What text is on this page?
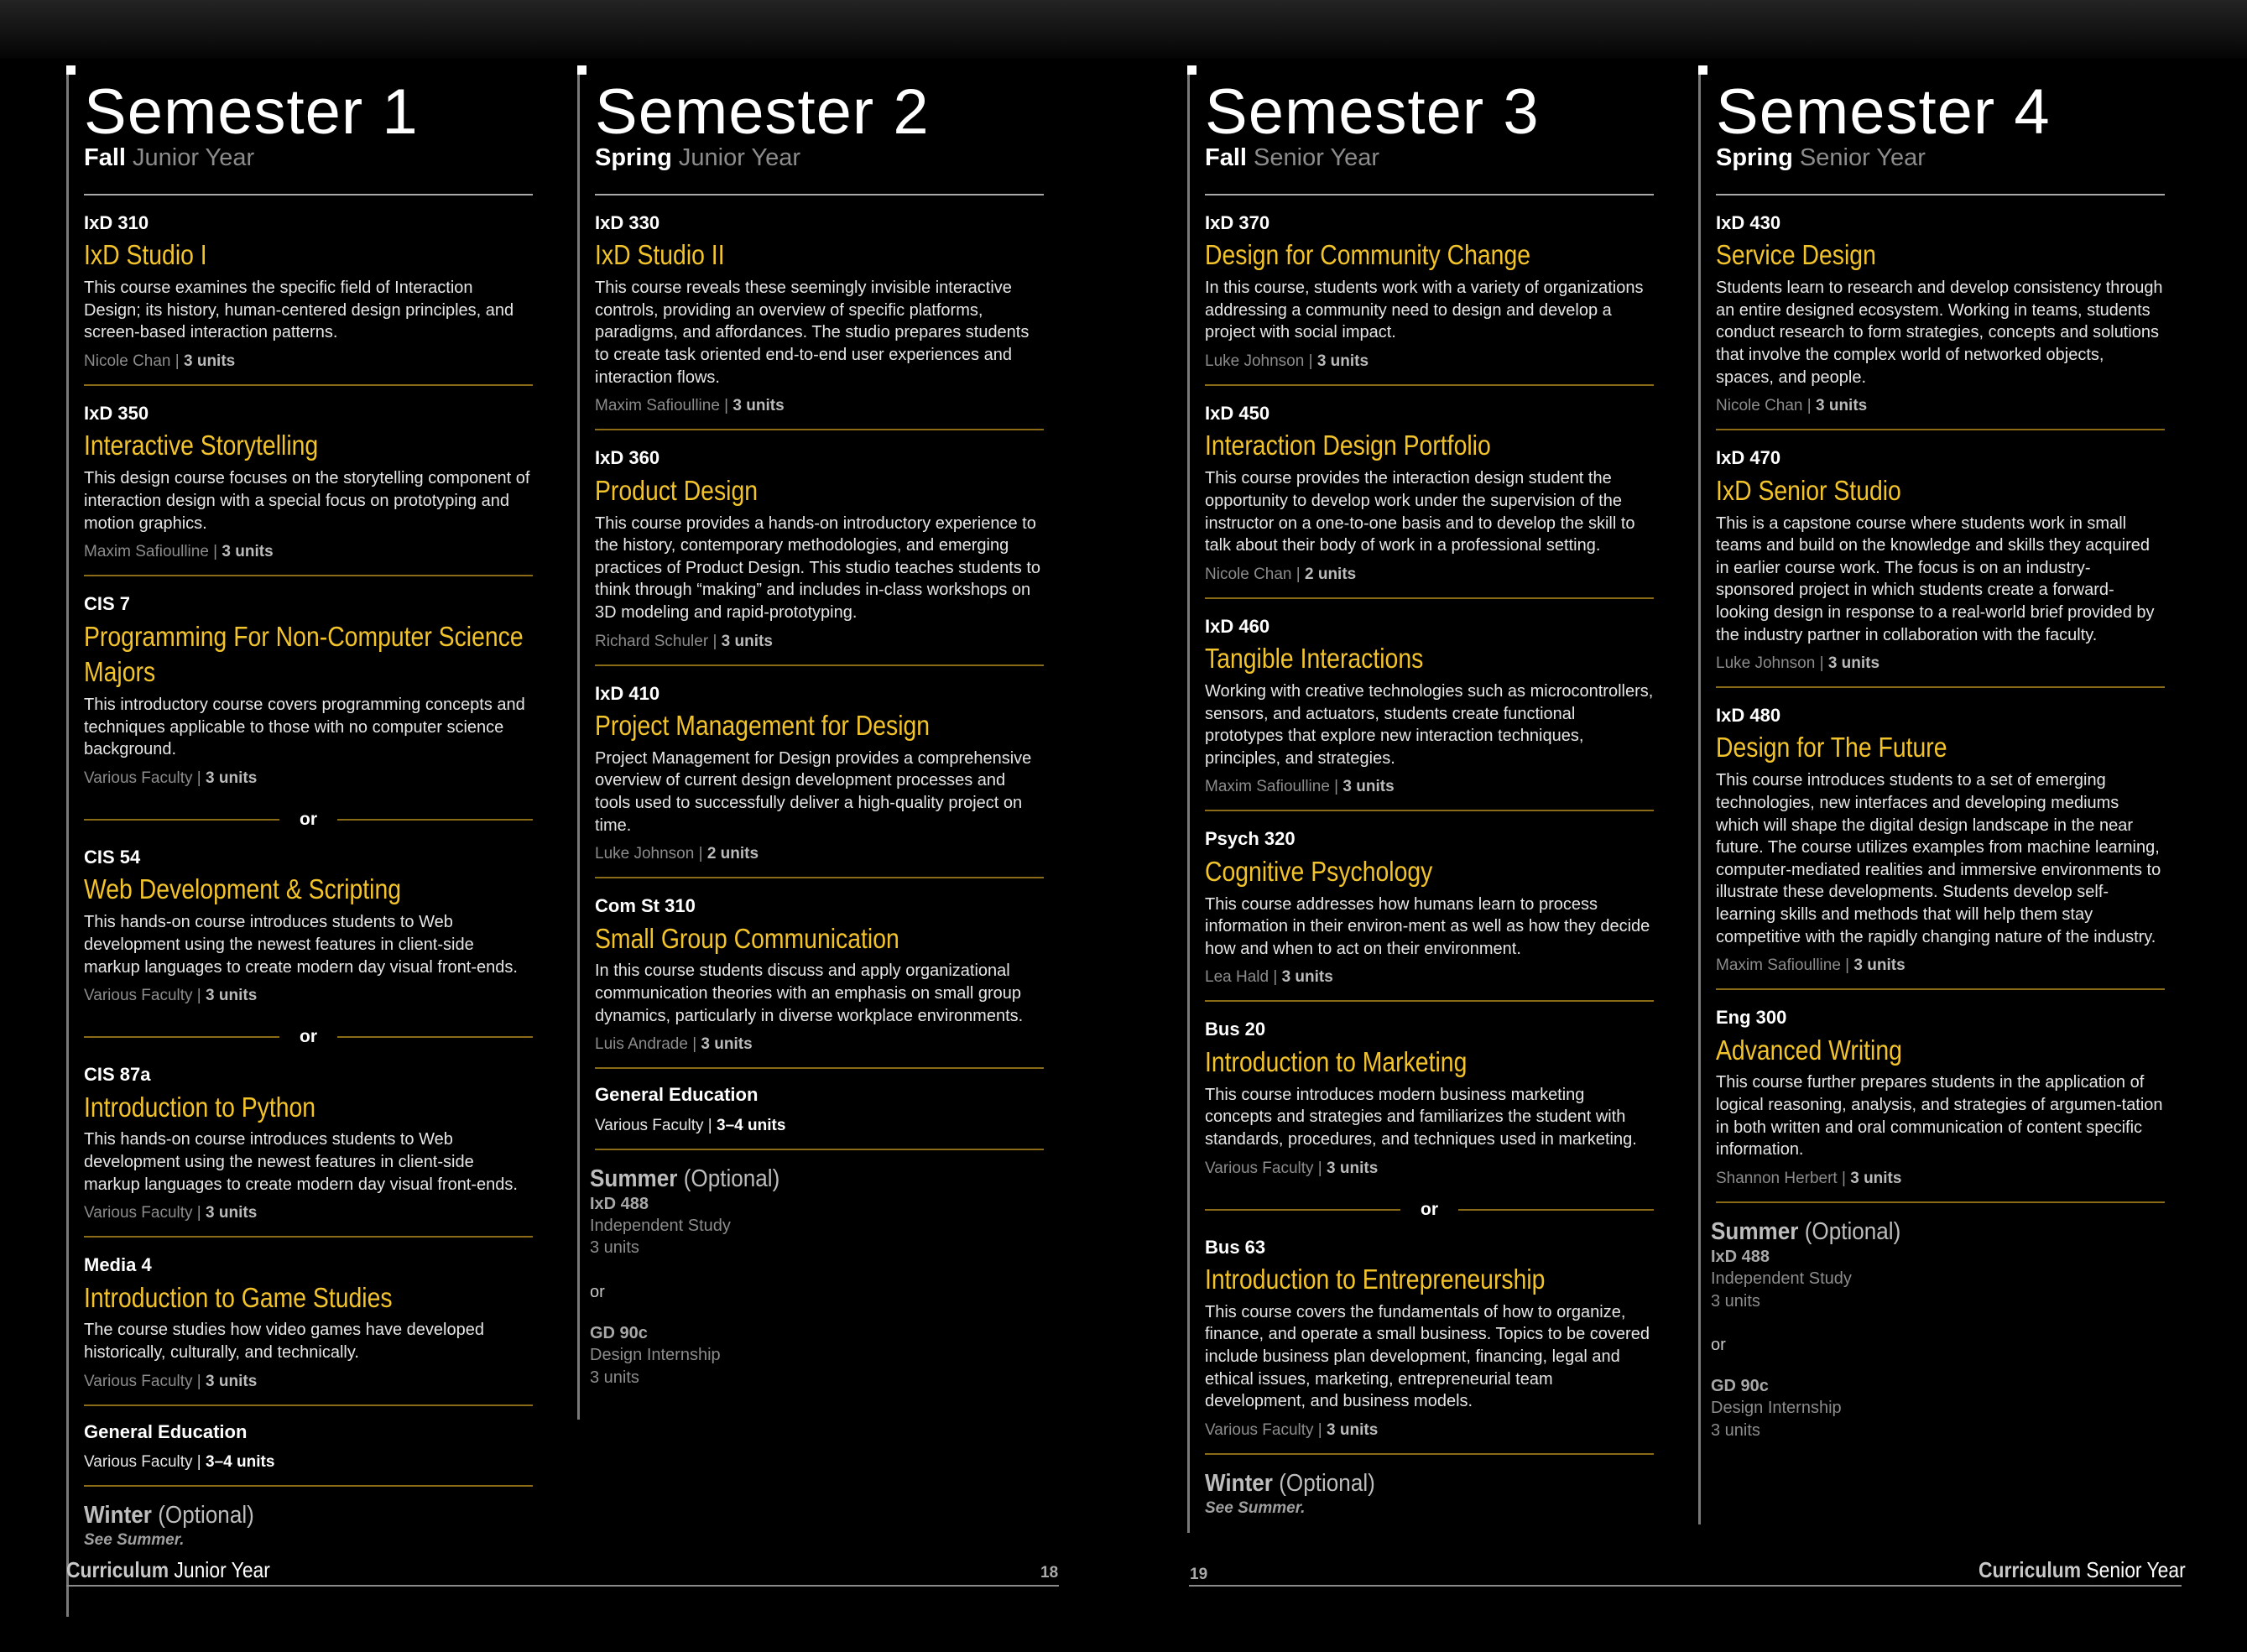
Semester 1
Fall Junior Year
IxD 310
IxD Studio I
This course examines the specific field of Interaction Design; its history, human-centered design principles, and screen-based interaction patterns.
Nicole Chan | 3 units
IxD 350
Interactive Storytelling
This design course focuses on the storytelling component of interaction design with a special focus on prototyping and motion graphics.
Maxim Safioulline | 3 units
CIS 7
Programming For Non-Computer Science Majors
This introductory course covers programming concepts and techniques applicable to those with no computer science background.
Various Faculty | 3 units
or
CIS 54
Web Development & Scripting
This hands-on course introduces students to Web development using the newest features in client-side markup languages to create modern day visual front-ends.
Various Faculty | 3 units
or
CIS 87a
Introduction to Python
This hands-on course introduces students to Web development using the newest features in client-side markup languages to create modern day visual front-ends.
Various Faculty | 3 units
Media 4
Introduction to Game Studies
The course studies how video games have developed historically, culturally, and technically.
Various Faculty | 3 units
General Education
Various Faculty | 3–4 units
Winter (Optional)
See Summer.
Semester 2
Spring Junior Year
IxD 330
IxD Studio II
This course reveals these seemingly invisible interactive controls, providing an overview of specific platforms, paradigms, and affordances. The studio prepares students to create task oriented end-to-end user experiences and interaction flows.
Maxim Safioulline | 3 units
IxD 360
Product Design
This course provides a hands-on introductory experience to the history, contemporary methodologies, and emerging practices of Product Design. This studio teaches students to think through “making” and includes in-class workshops on 3D modeling and rapid-prototyping.
Richard Schuler | 3 units
IxD 410
Project Management for Design
Project Management for Design provides a comprehensive overview of current design development processes and tools used to successfully deliver a high-quality project on time.
Luke Johnson | 2 units
Com St 310
Small Group Communication
In this course students discuss and apply organizational communication theories with an emphasis on small group dynamics, particularly in diverse workplace environments.
Luis Andrade | 3 units
General Education
Various Faculty | 3–4 units
Summer (Optional)
IxD 488
Independent Study
3 units
or
GD 90c
Design Internship
3 units
Semester 3
Fall Senior Year
IxD 370
Design for Community Change
In this course, students work with a variety of organizations addressing a community need to design and develop a project with social impact.
Luke Johnson | 3 units
IxD 450
Interaction Design Portfolio
This course provides the interaction design student the opportunity to develop work under the supervision of the instructor on a one-to-one basis and to develop the skill to talk about their body of work in a professional setting.
Nicole Chan | 2 units
IxD 460
Tangible Interactions
Working with creative technologies such as microcontrollers, sensors, and actuators, students create functional prototypes that explore new interaction techniques, principles, and strategies.
Maxim Safioulline | 3 units
Psych 320
Cognitive Psychology
This course addresses how humans learn to process information in their environ-ment as well as how they decide how and when to act on their environment.
Lea Hald | 3 units
Bus 20
Introduction to Marketing
This course introduces modern business marketing concepts and strategies and familiarizes the student with standards, procedures, and techniques used in marketing.
Various Faculty | 3 units
or
Bus 63
Introduction to Entrepreneurship
This course covers the fundamentals of how to organize, finance, and operate a small business. Topics to be covered include business plan development, financing, legal and ethical issues, marketing, entrepreneurial team development, and business models.
Various Faculty | 3 units
Winter (Optional)
See Summer.
Semester 4
Spring Senior Year
IxD 430
Service Design
Students learn to research and develop consistency through an entire designed ecosystem. Working in teams, students conduct research to form strategies, concepts and solutions that involve the complex world of networked objects, spaces, and people.
Nicole Chan | 3 units
IxD 470
IxD Senior Studio
This is a capstone course where students work in small teams and build on the knowledge and skills they acquired in earlier course work. The focus is on an industry-sponsored project in which students create a forward-looking design in response to a real-world brief provided by the industry partner in collaboration with the faculty.
Luke Johnson | 3 units
IxD 480
Design for The Future
This course introduces students to a set of emerging technologies, new interfaces and developing mediums which will shape the digital design landscape in the near future. The course utilizes examples from machine learning, computer-mediated realities and immersive environments to illustrate these developments. Students develop self-learning skills and methods that will help them stay competitive with the rapidly changing nature of the industry.
Maxim Safioulline | 3 units
Eng 300
Advanced Writing
This course further prepares students in the application of logical reasoning, analysis, and strategies of argumen-tation in both written and oral communication of content specific information.
Shannon Herbert | 3 units
Summer (Optional)
IxD 488
Independent Study
3 units
or
GD 90c
Design Internship
3 units
Curriculum Junior Year	18	19	Curriculum Senior Year
